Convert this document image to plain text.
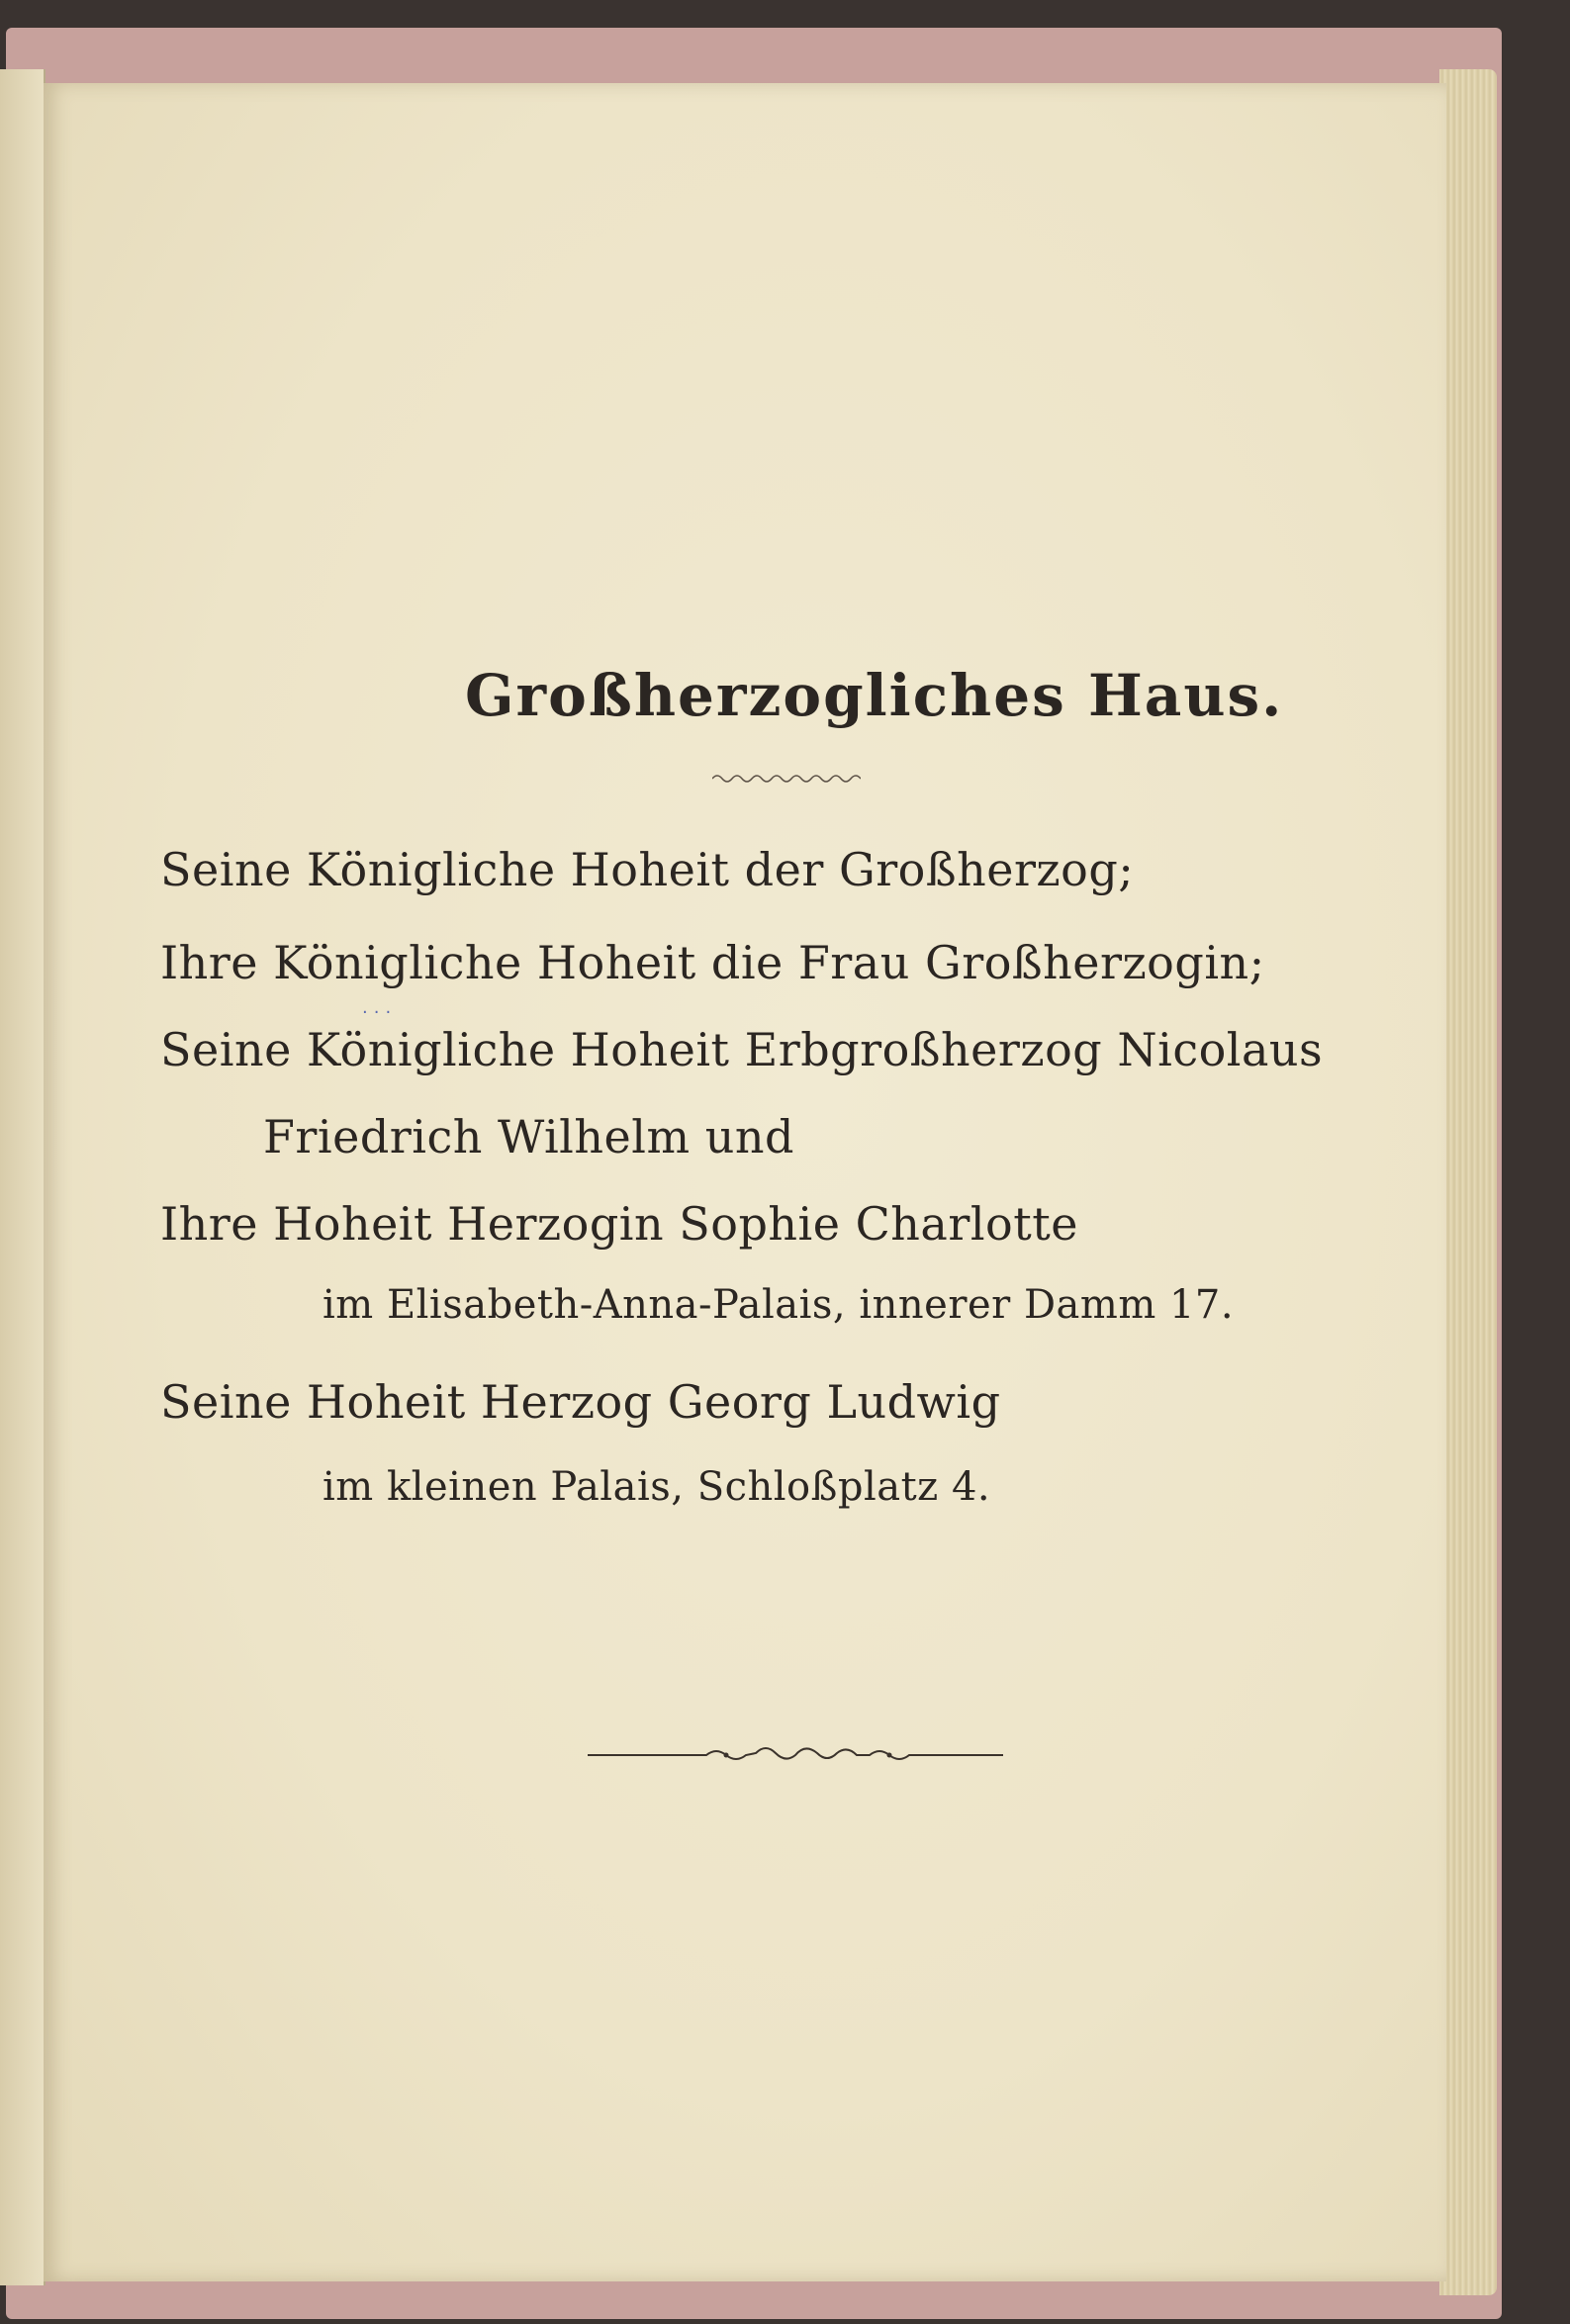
Großherzogliches Haus.
Seine Königliche Hoheit der Großherzog;
Ihre Königliche Hoheit die Frau Großherzogin;
···
Seine Königliche Hoheit Erbgroßherzog Nicolaus
Friedrich Wilhelm und
Ihre Hoheit Herzogin Sophie Charlotte
im Elisabeth-Anna-Palais, innerer Damm 17.
Seine Hoheit Herzog Georg Ludwig
im kleinen Palais, Schloßplatz 4.
